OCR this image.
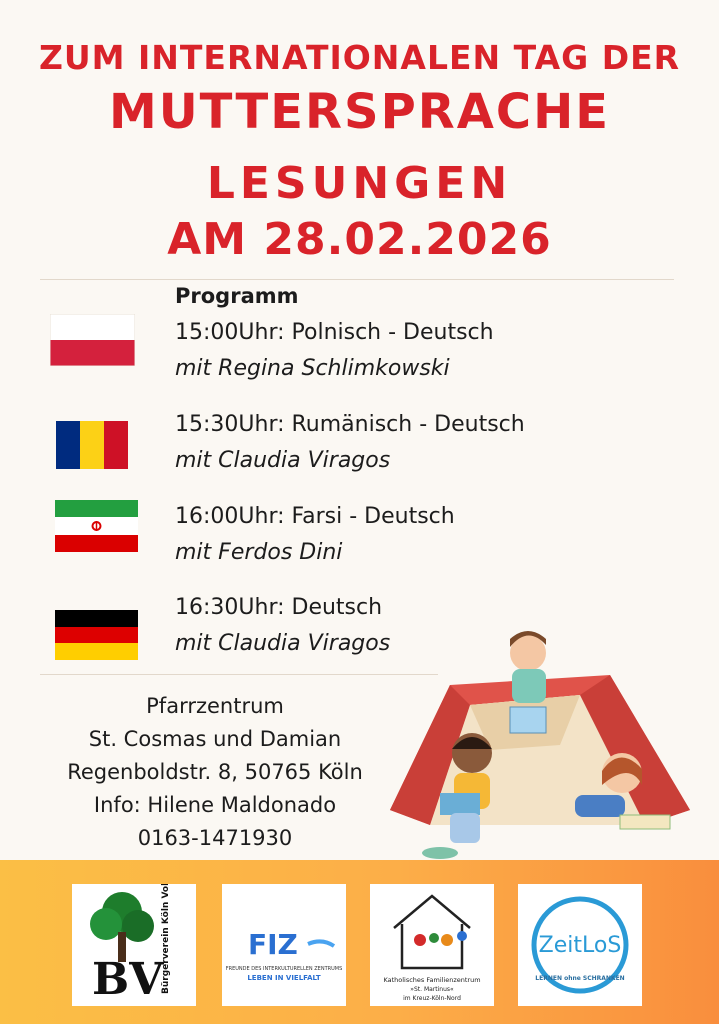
ZUM INTERNATIONALEN TAG DER
MUTTERSPRACHE
LESUNGEN
AM 28.02.2026
Programm
15:00Uhr: Polnisch - Deutsch
mit Regina Schlimkowski
15:30Uhr: Rumänisch - Deutsch
mit Claudia Viragos
16:00Uhr: Farsi - Deutsch
mit Ferdos Dini
16:30Uhr: Deutsch
mit Claudia Viragos
Pfarrzentrum
St. Cosmas und Damian
Regenboldstr. 8, 50765 Köln
Info: Hilene Maldonado
0163-1471930
BV
Bürgerverein Köln Volkhoven-Weiler e.V.	FIZ
FREUNDE DES INTERKULTURELLEN ZENTRUMS
LEBEN IN VIELFALT	Katholisches Familienzentrum
»St. Martinus«
im Kreuz-Köln-Nord
ZeitLoS
LERNEN ohne SCHRANKEN
